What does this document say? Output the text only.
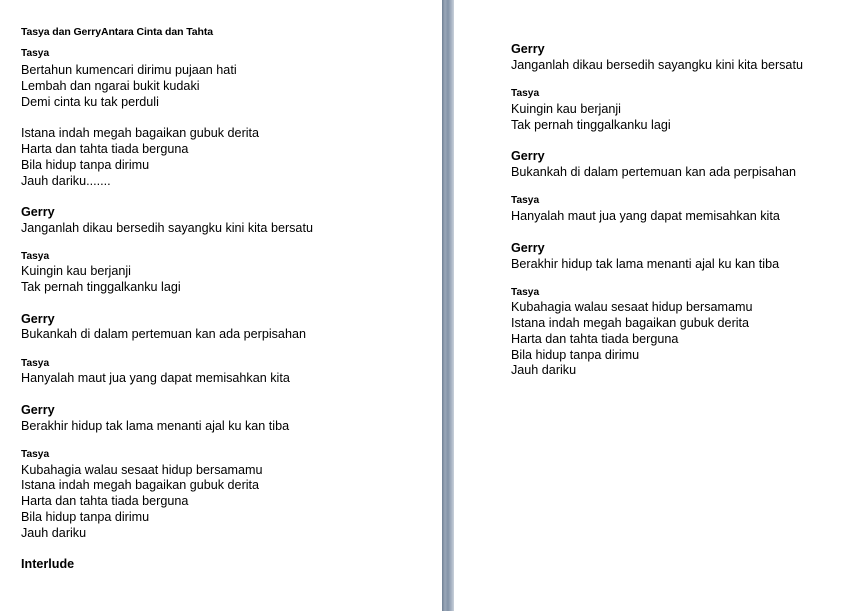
Tasya dan GerryAntara Cinta dan Tahta
Tasya
Bertahun kumencari dirimu pujaan hati
Lembah dan ngarai bukit kudaki
Demi cinta ku tak perduli
Istana indah megah bagaikan gubuk derita
Harta dan tahta tiada berguna
Bila hidup tanpa dirimu
Jauh dariku.......
Gerry
Janganlah dikau bersedih sayangku kini kita bersatu
Tasya
Kuingin kau berjanji
Tak pernah tinggalkanku lagi
Gerry
Bukankah di dalam pertemuan kan ada perpisahan
Tasya
Hanyalah maut jua yang dapat memisahkan kita
Gerry
Berakhir hidup tak lama menanti ajal ku kan tiba
Tasya
Kubahagia walau sesaat hidup bersamamu
Istana indah megah bagaikan gubuk derita
Harta dan tahta tiada berguna
Bila hidup tanpa dirimu
Jauh dariku
Interlude
Gerry
Janganlah dikau bersedih sayangku kini kita bersatu
Tasya
Kuingin kau berjanji
Tak pernah tinggalkanku lagi
Gerry
Bukankah di dalam pertemuan kan ada perpisahan
Tasya
Hanyalah maut jua yang dapat memisahkan kita
Gerry
Berakhir hidup tak lama menanti ajal ku kan tiba
Tasya
Kubahagia walau sesaat hidup bersamamu
Istana indah megah bagaikan gubuk derita
Harta dan tahta tiada berguna
Bila hidup tanpa dirimu
Jauh dariku
